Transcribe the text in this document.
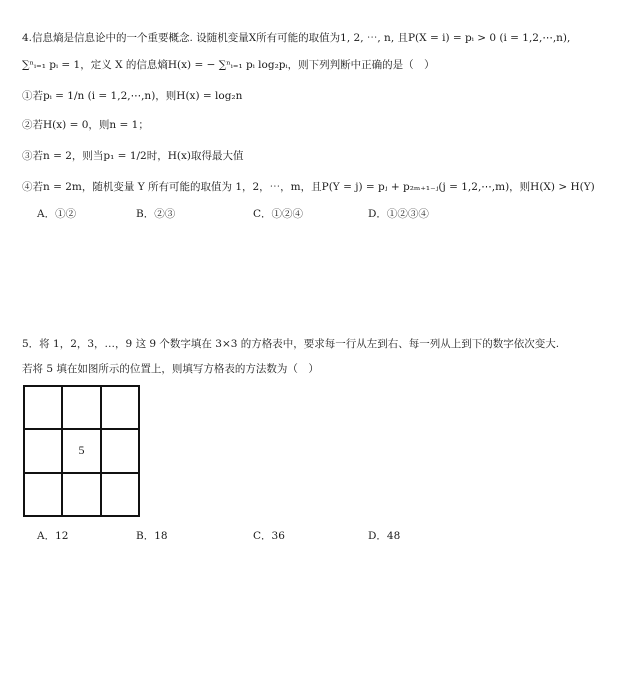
4.信息熵是信息论中的一个重要概念. 设随机变量X所有可能的取值为1, 2, ⋯, n, 且P(X = i) = pᵢ > 0 (i = 1,2,⋯,n),
∑ⁿᵢ₌₁ pᵢ = 1，定义 X 的信息熵H(x) = − ∑ⁿᵢ₌₁ pᵢ log₂pᵢ，则下列判断中正确的是（　）
①若pᵢ = 1/n (i = 1,2,⋯,n)，则H(x) = log₂n
②若H(x) = 0，则n = 1；
③若n = 2，则当p₁ = 1/2时，H(x)取得最大值
④若n = 2m，随机变量 Y 所有可能的取值为 1，2，⋯，m，且P(Y = j) = pⱼ + p₂ₘ₊₁₋ⱼ(j = 1,2,⋯,m)，则H(X) > H(Y)
A．①②	B．②③	C．①②④	D．①②③④
5．将 1，2，3，…，9 这 9 个数字填在 3×3 的方格表中，要求每一行从左到右、每一列从上到下的数字依次变大.
若将 5 填在如图所示的位置上，则填写方格表的方法数为（　）
5
A．12	B．18	C．36	D．48
